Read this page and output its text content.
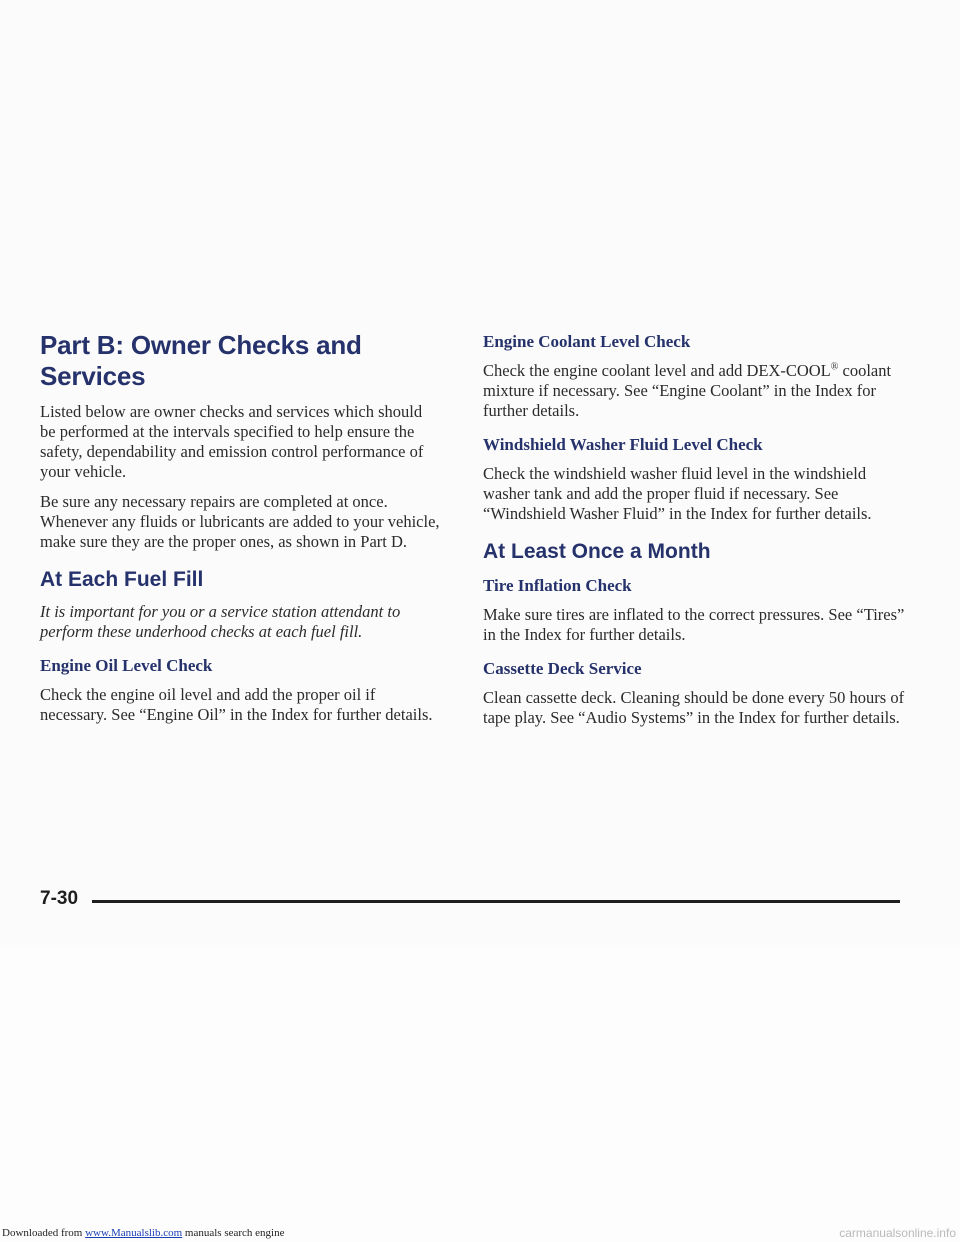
Part B: Owner Checks and Services

Listed below are owner checks and services which should be performed at the intervals specified to help ensure the safety, dependability and emission control performance of your vehicle.

Be sure any necessary repairs are completed at once. Whenever any fluids or lubricants are added to your vehicle, make sure they are the proper ones, as shown in Part D.

At Each Fuel Fill

It is important for you or a service station attendant to perform these underhood checks at each fuel fill.

Engine Oil Level Check

Check the engine oil level and add the proper oil if necessary. See “Engine Oil” in the Index for further details.

Engine Coolant Level Check

Check the engine coolant level and add DEX-COOL® coolant mixture if necessary. See “Engine Coolant” in the Index for further details.

Windshield Washer Fluid Level Check

Check the windshield washer fluid level in the windshield washer tank and add the proper fluid if necessary. See “Windshield Washer Fluid” in the Index for further details.

At Least Once a Month
Tire Inflation Check

Make sure tires are inflated to the correct pressures. See “Tires” in the Index for further details.

Cassette Deck Service

Clean cassette deck. Cleaning should be done every 50 hours of tape play. See “Audio Systems” in the Index for further details.

7-30
Downloaded from www.Manualslib.com manuals search engine	carmanualsonline.info
